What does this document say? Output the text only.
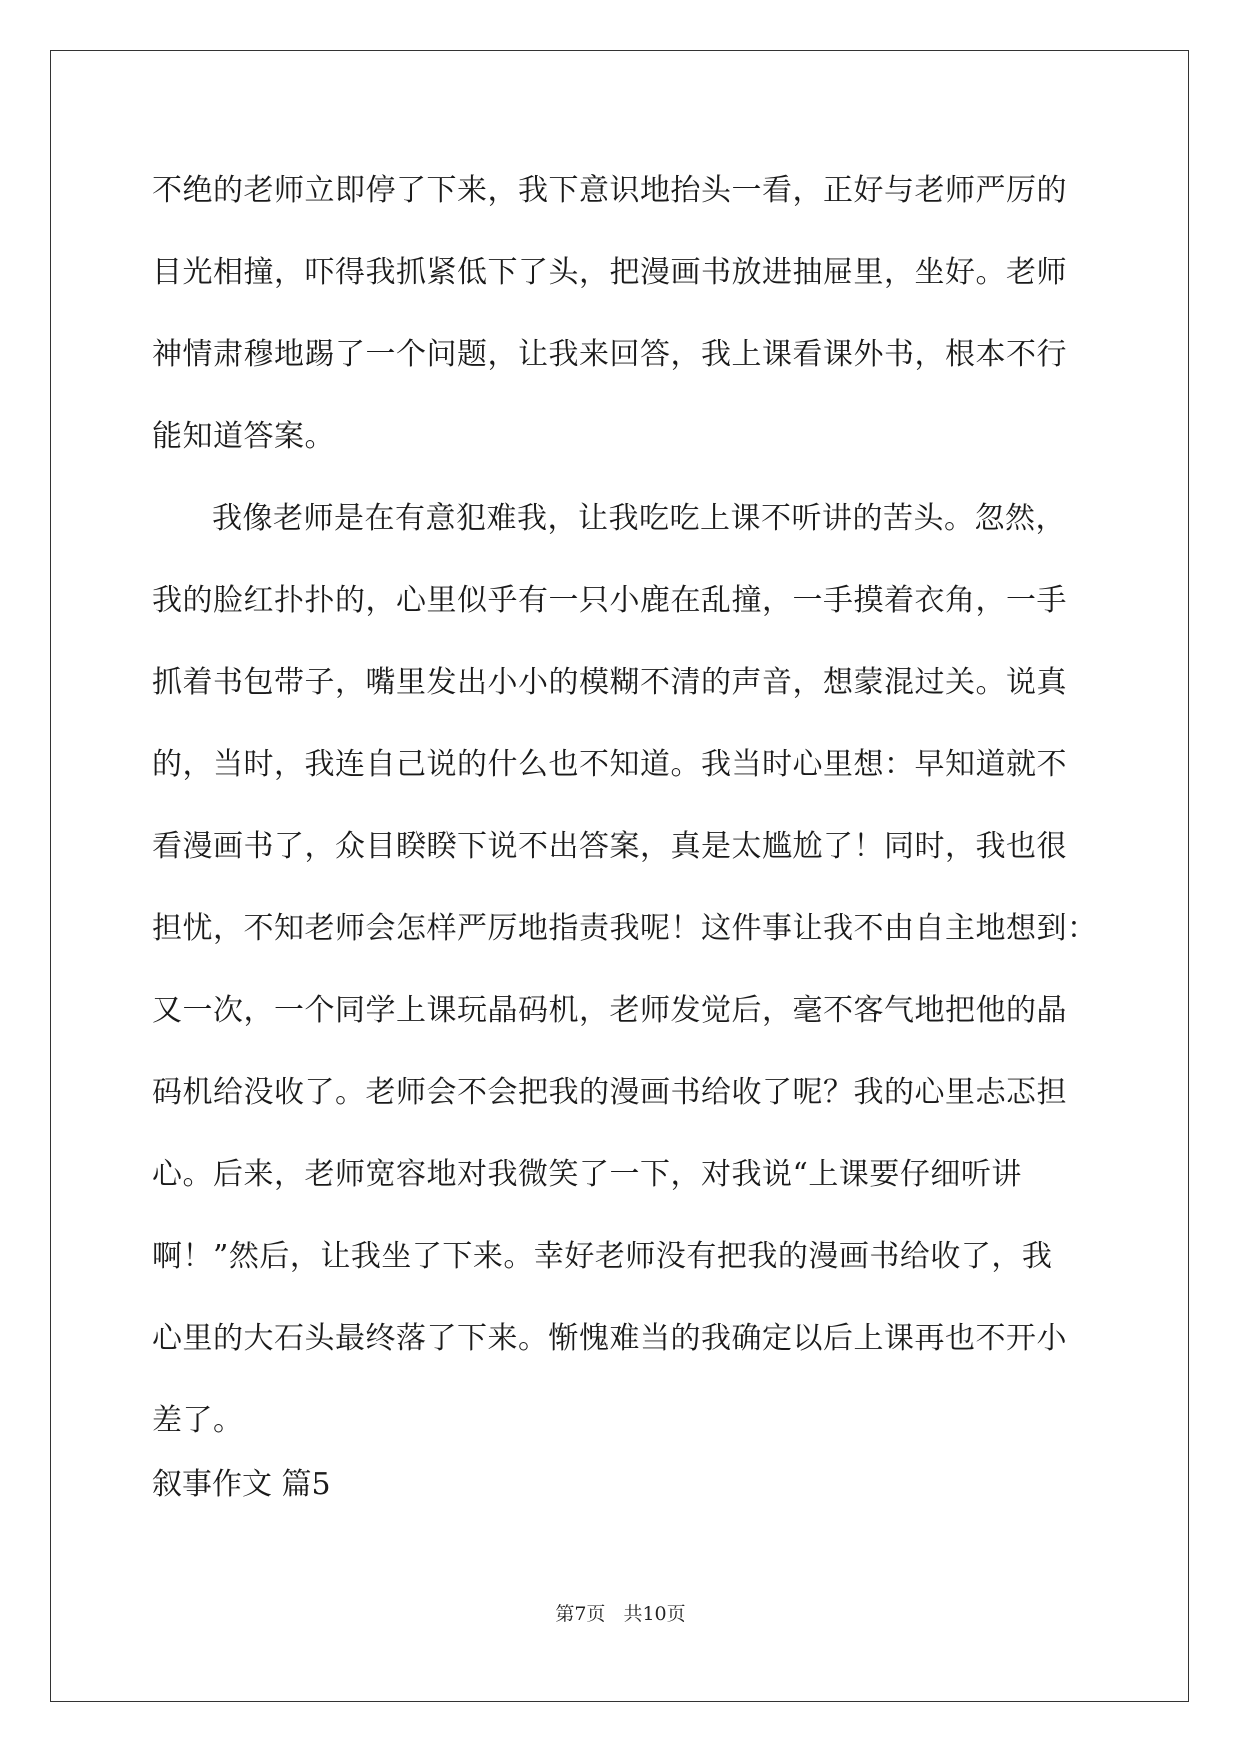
不绝的老师立即停了下来，我下意识地抬头一看，正好与老师严厉的
目光相撞，吓得我抓紧低下了头，把漫画书放进抽屉里，坐好。老师
神情肃穆地踢了一个问题，让我来回答，我上课看课外书，根本不行
能知道答案。
我像老师是在有意犯难我，让我吃吃上课不听讲的苦头。忽然，
我的脸红扑扑的，心里似乎有一只小鹿在乱撞，一手摸着衣角，一手
抓着书包带子，嘴里发出小小的模糊不清的声音，想蒙混过关。说真
的，当时，我连自己说的什么也不知道。我当时心里想：早知道就不
看漫画书了，众目睽睽下说不出答案，真是太尴尬了！同时，我也很
担忧，不知老师会怎样严厉地指责我呢！这件事让我不由自主地想到：
又一次，一个同学上课玩晶码机，老师发觉后，毫不客气地把他的晶
码机给没收了。老师会不会把我的漫画书给收了呢？我的心里忐忑担
心。后来，老师宽容地对我微笑了一下，对我说“上课要仔细听讲
啊！”然后，让我坐了下来。幸好老师没有把我的漫画书给收了，我
心里的大石头最终落了下来。惭愧难当的我确定以后上课再也不开小
差了。
叙事作文 篇5
第7页 共10页
